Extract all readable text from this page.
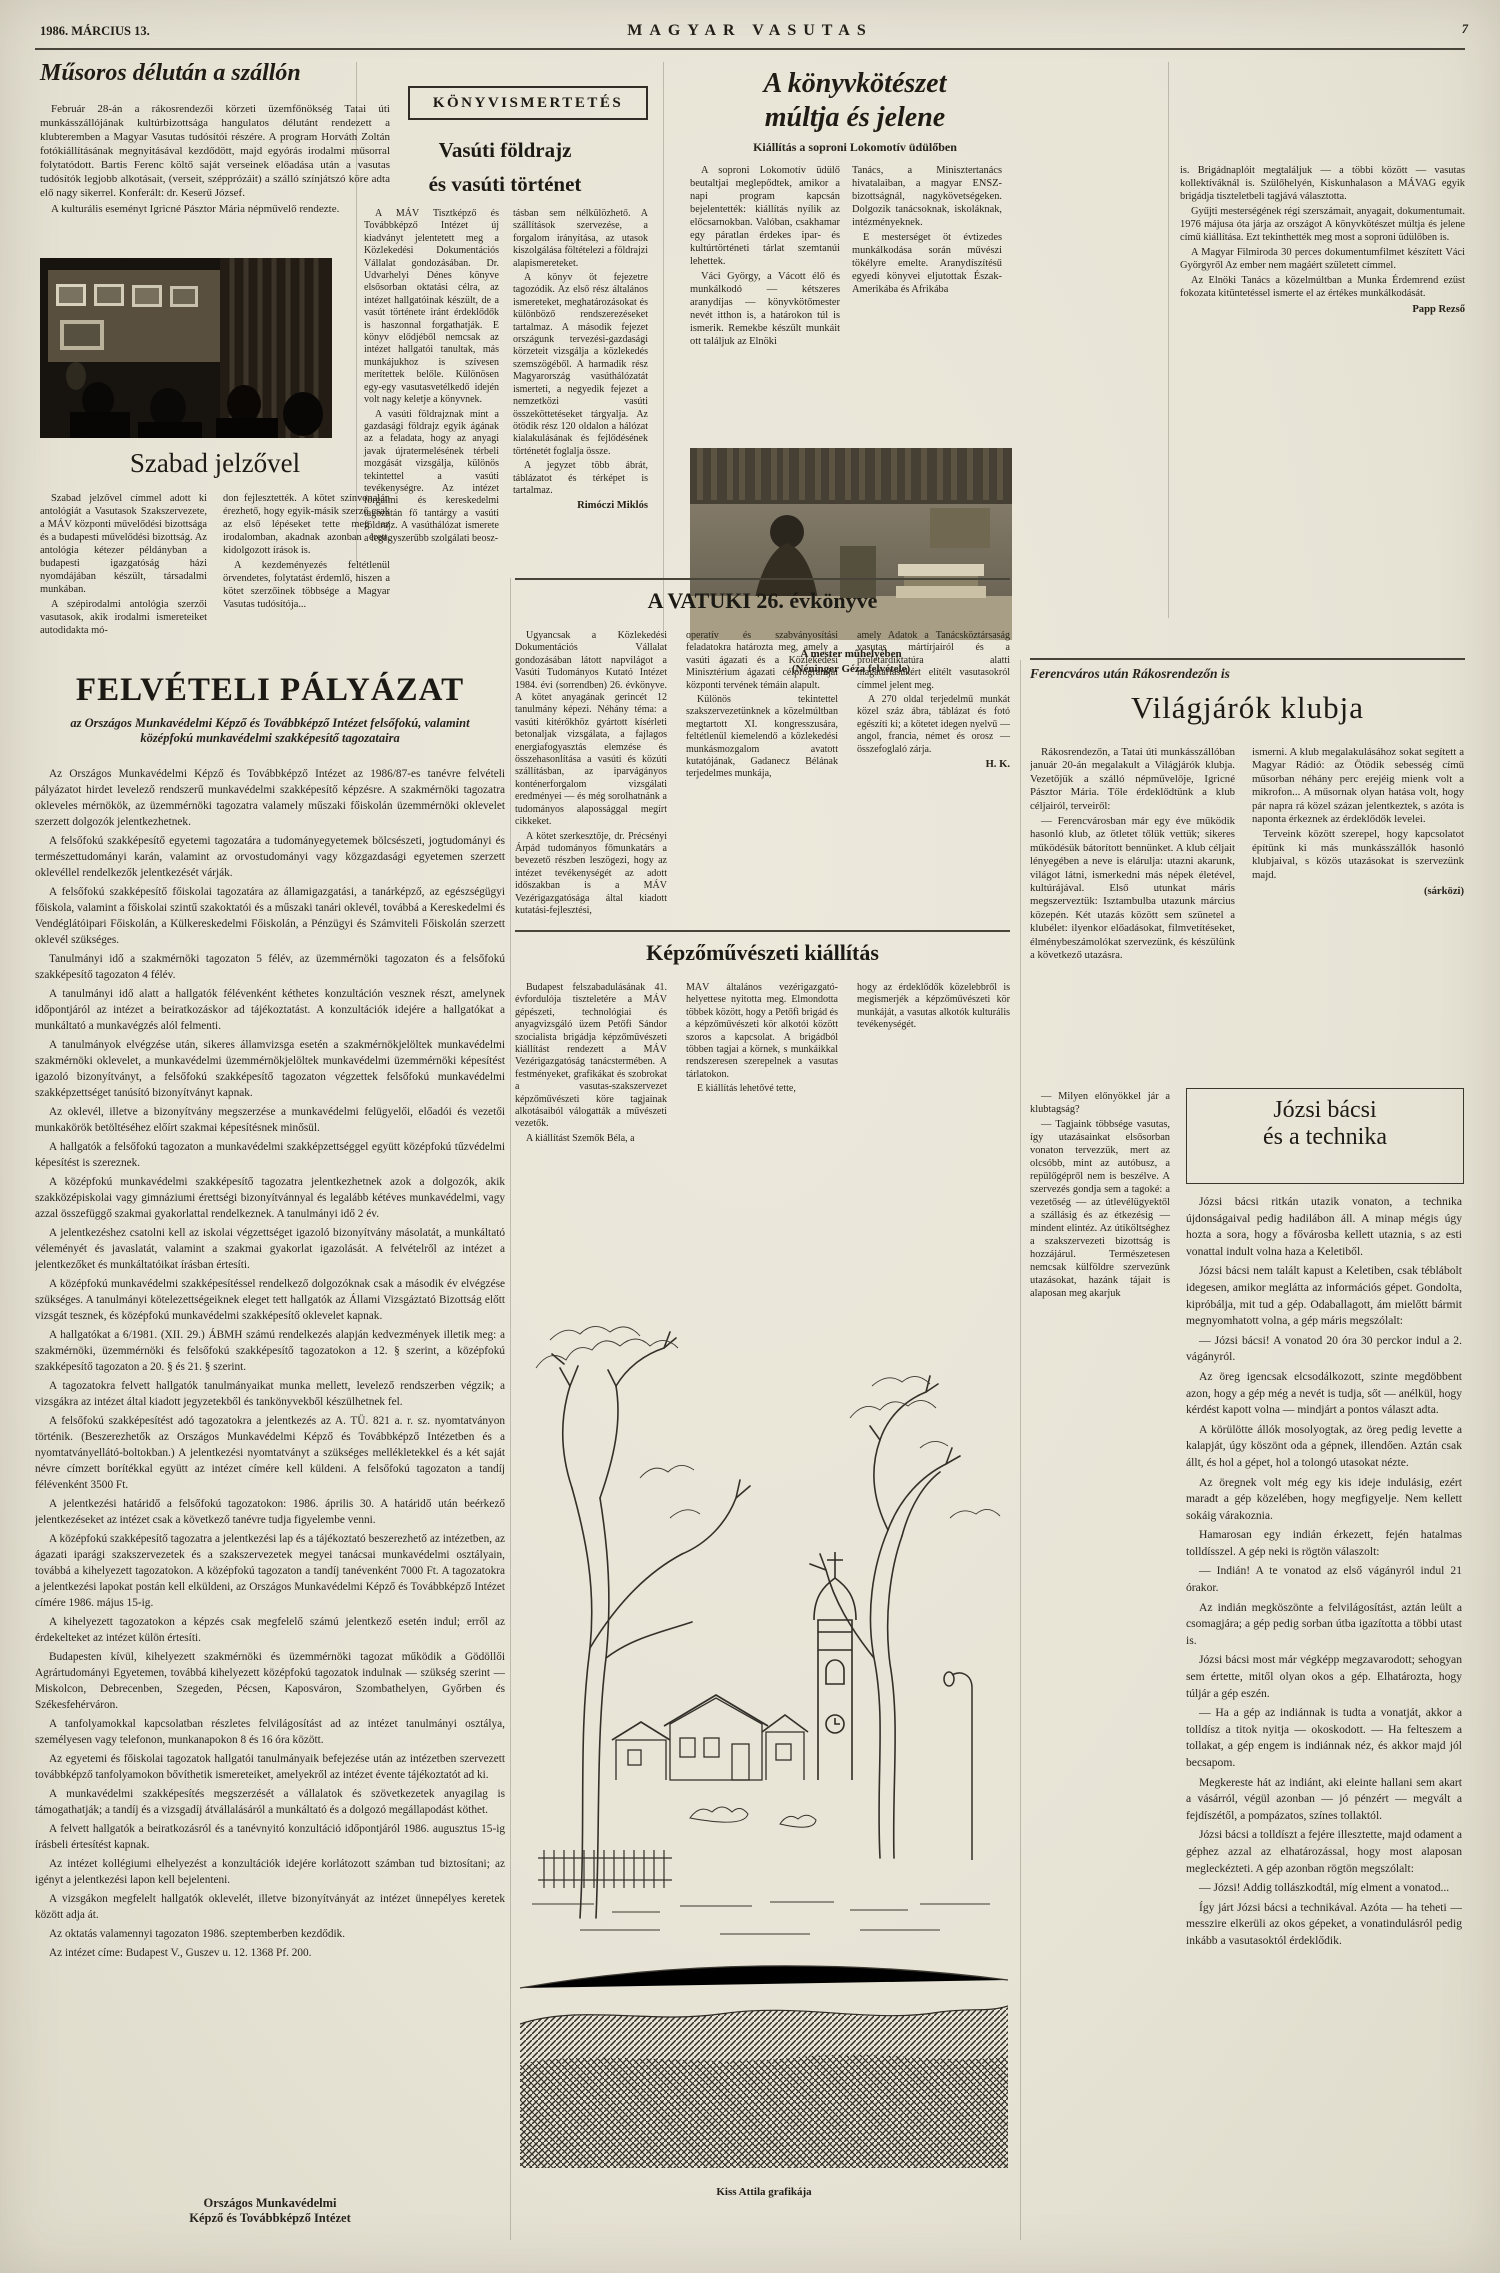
1986. MÁRCIUS 13.	MAGYAR VASUTAS	7
Műsoros délután a szállón

Február 28-án a rákosrendezői körzeti üzemfőnökség Tatai úti munkásszállójának kultúrbizottsága hangulatos délutánt rendezett a klubteremben a Magyar Vasutas tudósítói részére. A program Horváth Zoltán fotókiállításának megnyitásával kezdődött, majd egyórás irodalmi műsorral folytatódott. Bartis Ferenc költő saját verseinek előadása után a vasutas tudósítók legjobb alkotásait, (verseit, szépprózáit) a szálló színjátszó köre adta elő nagy sikerrel. Konferált: dr. Keserű József.

A kulturális eseményt Igricné Pásztor Mária népművelő rendezte.

Szabad jelzővel

Szabad jelzővel címmel adott ki antológiát a Vasutasok Szakszervezete, a MÁV központi művelődési bizottsága és a budapesti művelődési bizottság. Az antológia kétezer példányban a budapesti igazgatóság házi nyomdájában készült, társadalmi munkában.

A szépirodalmi antológia szerzői vasutasok, akik irodalmi ismereteiket autodidakta mó-

don fejlesztették. A kötet színvonalán érezhető, hogy egyik-másik szerző csak az első lépéseket tette meg az irodalomban, akadnak azonban érett, kidolgozott írások is.

A kezdeményezés feltétlenül örvendetes, folytatást érdemlő, hiszen a kötet szerzőinek többsége a Magyar Vasutas tudósítója...

FELVÉTELI PÁLYÁZAT
az Országos Munkavédelmi Képző és Továbbképző Intézet felsőfokú, valamint középfokú munkavédelmi szakképesítő tagozataira

Az Országos Munkavédelmi Képző és Továbbképző Intézet az 1986/87-es tanévre felvételi pályázatot hirdet levelező rendszerű munkavédelmi szakképesítő képzésre. A szakmérnöki tagozatra okleveles mérnökök, az üzemmérnöki tagozatra valamely műszaki főiskolán üzemmérnöki oklevelet szerzett dolgozók jelentkezhetnek.

A felsőfokú szakképesítő egyetemi tagozatára a tudományegyetemek bölcsészeti, jogtudományi és természettudományi karán, valamint az orvostudományi vagy közgazdasági egyetemen szerzett oklevéllel rendelkezők jelentkezését várják.

A felsőfokú szakképesítő főiskolai tagozatára az államigazgatási, a tanárképző, az egészségügyi főiskola, valamint a főiskolai szintű szakoktatói és a műszaki tanári oklevél, továbbá a Kereskedelmi és Vendéglátóipari Főiskolán, a Külkereskedelmi Főiskolán, a Pénzügyi és Számviteli Főiskolán szerzett oklevél szükséges.

Tanulmányi idő a szakmérnöki tagozaton 5 félév, az üzemmérnöki tagozaton és a felsőfokú szakképesítő tagozaton 4 félév.

A tanulmányi idő alatt a hallgatók félévenként kéthetes konzultáción vesznek részt, amelynek időpontjáról az intézet a beiratkozáskor ad tájékoztatást. A konzultációk idejére a hallgatókat a munkáltató a munkavégzés alól felmenti.

A tanulmányok elvégzése után, sikeres államvizsga esetén a szakmérnökjelöltek munkavédelmi szakmérnöki oklevelet, a munkavédelmi üzemmérnökjelöltek munkavédelmi üzemmérnöki képesítést igazoló bizonyítványt, a felsőfokú szakképesítő tagozaton végzettek felsőfokú munkavédelmi szakképzettséget tanúsító bizonyítványt kapnak.

Az oklevél, illetve a bizonyítvány megszerzése a munkavédelmi felügyelői, előadói és vezetői munkakörök betöltéséhez előírt szakmai képesítésnek minősül.

A hallgatók a felsőfokú tagozaton a munkavédelmi szakképzettséggel együtt középfokú tűzvédelmi képesítést is szereznek.

A középfokú munkavédelmi szakképesítő tagozatra jelentkezhetnek azok a dolgozók, akik szakközépiskolai vagy gimnáziumi érettségi bizonyítvánnyal és legalább kétéves munkavédelmi, vagy azzal összefüggő szakmai gyakorlattal rendelkeznek. A tanulmányi idő 2 év.

A jelentkezéshez csatolni kell az iskolai végzettséget igazoló bizonyítvány másolatát, a munkáltató véleményét és javaslatát, valamint a szakmai gyakorlat igazolását. A felvételről az intézet a jelentkezőket és munkáltatóikat írásban értesíti.

A középfokú munkavédelmi szakképesítéssel rendelkező dolgozóknak csak a második év elvégzése szükséges. A tanulmányi kötelezettségeiknek eleget tett hallgatók az Állami Vizsgáztató Bizottság előtt vizsgát tesznek, és középfokú munkavédelmi szakképesítő oklevelet kapnak.

A hallgatókat a 6/1981. (XII. 29.) ÁBMH számú rendelkezés alapján kedvezmények illetik meg: a szakmérnöki, üzemmérnöki és felsőfokú szakképesítő tagozatokon a 12. § szerint, a középfokú szakképesítő tagozaton a 20. § és 21. § szerint.

A tagozatokra felvett hallgatók tanulmányaikat munka mellett, levelező rendszerben végzik; a vizsgákra az intézet által kiadott jegyzetekből és tankönyvekből készülhetnek fel.

A felsőfokú szakképesítést adó tagozatokra a jelentkezés az A. TÜ. 821 a. r. sz. nyomtatványon történik. (Beszerezhetők az Országos Munkavédelmi Képző és Továbbképző Intézetben és a nyomtatványellátó-boltokban.) A jelentkezési nyomtatványt a szükséges mellékletekkel és a két saját névre címzett borítékkal együtt az intézet címére kell küldeni. A felsőfokú tagozaton a tandíj félévenként 3500 Ft.

A jelentkezési határidő a felsőfokú tagozatokon: 1986. április 30. A határidő után beérkező jelentkezéseket az intézet csak a következő tanévre tudja figyelembe venni.

A középfokú szakképesítő tagozatra a jelentkezési lap és a tájékoztató beszerezhető az intézetben, az ágazati iparági szakszervezetek és a szakszervezetek megyei tanácsai munkavédelmi osztályain, továbbá a kihelyezett tagozatokon. A középfokú tagozaton a tandíj tanévenként 7000 Ft. A tagozatokra a jelentkezési lapokat postán kell elküldeni, az Országos Munkavédelmi Képző és Továbbképző Intézet címére 1986. május 15-ig.

A kihelyezett tagozatokon a képzés csak megfelelő számú jelentkező esetén indul; erről az érdekelteket az intézet külön értesíti.

Budapesten kívül, kihelyezett szakmérnöki és üzemmérnöki tagozat működik a Gödöllői Agrártudományi Egyetemen, továbbá kihelyezett középfokú tagozatok indulnak — szükség szerint — Miskolcon, Debrecenben, Szegeden, Pécsen, Kaposváron, Szombathelyen, Győrben és Székesfehérváron.

A tanfolyamokkal kapcsolatban részletes felvilágosítást ad az intézet tanulmányi osztálya, személyesen vagy telefonon, munkanapokon 8 és 16 óra között.

Az egyetemi és főiskolai tagozatok hallgatói tanulmányaik befejezése után az intézetben szervezett továbbképző tanfolyamokon bővíthetik ismereteiket, amelyekről az intézet évente tájékoztatót ad ki.

A munkavédelmi szakképesítés megszerzését a vállalatok és szövetkezetek anyagilag is támogathatják; a tandíj és a vizsgadíj átvállalásáról a munkáltató és a dolgozó megállapodást köthet.

A felvett hallgatók a beiratkozásról és a tanévnyitó konzultáció időpontjáról 1986. augusztus 15-ig írásbeli értesítést kapnak.

Az intézet kollégiumi elhelyezést a konzultációk idejére korlátozott számban tud biztosítani; az igényt a jelentkezési lapon kell bejelenteni.

A vizsgákon megfelelt hallgatók oklevelét, illetve bizonyítványát az intézet ünnepélyes keretek között adja át.

Az oktatás valamennyi tagozaton 1986. szeptemberben kezdődik.

Az intézet címe: Budapest V., Guszev u. 12. 1368 Pf. 200.

Országos Munkavédelmi
Képző és Továbbképző Intézet
KÖNYVISMERTETÉS
Vasúti földrajz
és vasúti történet

A MÁV Tisztképző és Továbbképző Intézet új kiadványt jelentetett meg a Közlekedési Dokumentációs Vállalat gondozásában. Dr. Udvarhelyi Dénes könyve elsősorban oktatási célra, az intézet hallgatóinak készült, de a vasút története iránt érdeklődők is haszonnal forgathatják. E könyv elődjéből nemcsak az intézet hallgatói tanultak, más munkájukhoz is szívesen merítettek belőle. Különösen egy-egy vasutasvetélkedő idején volt nagy keletje a könyvnek.

A vasúti földrajznak mint a gazdasági földrajz egyik ágának az a feladata, hogy az anyagi javak újratermelésének térbeli mozgását vizsgálja, különös tekintettel a vasúti tevékenységre. Az intézet forgalmi és kereskedelmi tagozatán fő tantárgy a vasúti földrajz. A vasúthálózat ismerete a legegyszerűbb szolgálati beosz-

tásban sem nélkülözhető. A szállítások szervezése, a forgalom irányítása, az utasok kiszolgálása föltételezi a földrajzi alapismereteket.

A könyv öt fejezetre tagozódik. Az első rész általános ismereteket, meghatározásokat és különböző rendszerezéseket tartalmaz. A második fejezet országunk tervezési-gazdasági körzeteit vizsgálja a közlekedés szemszögéből. A harmadik rész Magyarország vasúthálózatát ismerteti, a negyedik fejezet a nemzetközi vasúti összeköttetéseket tárgyalja. Az ötödik rész 120 oldalon a hálózat kialakulásának és fejlődésének történetét foglalja össze.

A jegyzet több ábrát, táblázatot és térképet is tartalmaz.

Rimóczi Miklós
A könyvkötészet
múltja és jelene
Kiállítás a soproni Lokomotív üdülőben

A soproni Lokomotív üdülő beutaltjai meglepődtek, amikor a napi program kapcsán bejelentették: kiállítás nyílik az előcsarnokban. Valóban, csakhamar egy páratlan érdekes ipar- és kultúrtörténeti tárlat szemtanúi lehettek.

Váci György, a Vácott élő és munkálkodó — kétszeres aranydíjas — könyvkötőmester nevét itthon is, a határokon túl is ismerik. Remekbe készült munkáit ott találjuk az Elnöki

Tanács, a Minisztertanács hivatalaiban, a magyar ENSZ-bizottságnál, nagykövetségeken. Dolgozik tanácsoknak, iskoláknak, intézményeknek.

E mesterséget öt évtizedes munkálkodása során művészi tökélyre emelte. Aranydíszítésű egyedi könyvei eljutottak Észak-Amerikába és Afrikába

is. Brigádnaplóit megtaláljuk — a többi között — vasutas kollektíváknál is. Szülőhelyén, Kiskunhalason a MÁVAG egyik brigádja tiszteletbeli tagjává választotta.

Gyűjti mesterségének régi szerszámait, anyagait, dokumentumait. 1976 májusa óta járja az országot A könyvkötészet múltja és jelene című kiállítása. Ezt tekinthették meg most a soproni üdülőben is.

A Magyar Filmiroda 30 perces dokumentumfilmet készített Váci Györgyről Az ember nem magáért született címmel.

Az Elnöki Tanács a közelmúltban a Munka Érdemrend ezüst fokozata kitüntetéssel ismerte el az értékes munkálkodását.

Papp Rezső
A mester műhelyében
(Néninger Géza felvétele)
A VATUKI 26. évkönyve

Ugyancsak a Közlekedési Dokumentációs Vállalat gondozásában látott napvilágot a Vasúti Tudományos Kutató Intézet 1984. évi (sorrendben) 26. évkönyve. A kötet anyagának gerincét 12 tanulmány képezi. Néhány téma: a vasúti kitérőkhöz gyártott kísérleti betonaljak vizsgálata, a fajlagos energiafogyasztás elemzése és összehasonlítása a vasúti és közúti szállításban, az iparvágányos konténerforgalom vizsgálati eredményei — és még sorolhatnánk a tudományos alapossággal megírt cikkeket.

A kötet szerkesztője, dr. Précsényi Árpád tudományos főmunkatárs a bevezető részben leszögezi, hogy az intézet tevékenységét az adott időszakban is a MÁV Vezérigazgatósága által kiadott kutatási-fejlesztési,

operatív és szabványosítási feladatokra határozta meg, amely a vasúti ágazati és a Közlekedési Minisztérium ágazati célprogramjai központi tervének témáin alapult.

Különös tekintettel szakszervezetünknek a közelmúltban megtartott XI. kongresszusára, feltétlenül kiemelendő a közlekedési munkásmozgalom avatott kutatójának, Gadanecz Bélának terjedelmes munkája,

amely Adatok a Tanácsköztársaság vasutas mártírjairól és a proletárdiktatúra alatti magatartásukért elítélt vasutasokról címmel jelent meg.

A 270 oldal terjedelmű munkát közel száz ábra, táblázat és fotó egészíti ki; a kötetet idegen nyelvű — angol, francia, német és orosz — összefoglaló zárja.

H. K.
Képzőművészeti kiállítás

Budapest felszabadulásának 41. évfordulója tiszteletére a MÁV gépészeti, technológiai és anyagvizsgáló üzem Petőfi Sándor szocialista brigádja képzőművészeti kiállítást rendezett a MÁV Vezérigazgatóság tanácstermében. A festményeket, grafikákat és szobrokat a vasutas-szakszervezet képzőművészeti köre tagjainak alkotásaiból válogatták a művészeti vezetők.

A kiállítást Szemők Béla, a

MÁV általános vezérigazgató-helyettese nyitotta meg. Elmondotta többek között, hogy a Petőfi brigád és a képzőművészeti kör alkotói között szoros a kapcsolat. A brigádból többen tagjai a körnek, s munkáikkal rendszeresen szerepelnek a vasutas tárlatokon.

E kiállítás lehetővé tette,

hogy az érdeklődők közelebbről is megismerjék a képzőművészeti kör munkáját, a vasutas alkotók kulturális tevékenységét.

Kiss Attila grafikája
Ferencváros után Rákosrendezőn is
Világjárók klubja

Rákosrendezőn, a Tatai úti munkásszállóban január 20-án megalakult a Világjárók klubja. Vezetőjük a szálló népművelője, Igricné Pásztor Mária. Tőle érdeklődtünk a klub céljairól, terveiről:

— Ferencvárosban már egy éve működik hasonló klub, az ötletet tőlük vettük; sikeres működésük bátorított bennünket. A klub céljait lényegében a neve is elárulja: utazni akarunk, világot látni, ismerkedni más népek életével, kultúrájával. Első utunkat máris megszerveztük: Isztambulba utazunk március közepén. Két utazás között sem szünetel a klubélet: ilyenkor előadásokat, filmvetítéseket, élménybeszámolókat szervezünk, és készülünk a következő utazásra.

ismerni. A klub megalakulásához sokat segített a Magyar Rádió: az Ötödik sebesség című műsorban néhány perc erejéig mienk volt a mikrofon... A műsornak olyan hatása volt, hogy pár napra rá közel százan jelentkeztek, s azóta is naponta érkeznek az érdeklődők levelei.

Terveink között szerepel, hogy kapcsolatot építünk ki más munkásszállók hasonló klubjaival, s közös utazásokat is szervezünk majd.

(sárközi)

— Milyen előnyökkel jár a klubtagság?

— Tagjaink többsége vasutas, így utazásainkat elsősorban vonaton tervezzük, mert az olcsóbb, mint az autóbusz, a repülőgépről nem is beszélve. A szervezés gondja sem a tagoké: a vezetőség — az útlevélügyektől a szállásig és az étkezésig — mindent elintéz. Az útiköltséghez a szakszervezeti bizottság is hozzájárul. Természetesen nemcsak külföldre szervezünk utazásokat, hazánk tájait is alaposan meg akarjuk

Józsi bácsi
és a technika

Józsi bácsi ritkán utazik vonaton, a technika újdonságaival pedig hadilábon áll. A minap mégis úgy hozta a sora, hogy a fővárosba kellett utaznia, s az esti vonattal indult volna haza a Keletiből.

Józsi bácsi nem talált kapust a Keletiben, csak téblábolt idegesen, amikor meglátta az információs gépet. Gondolta, kipróbálja, mit tud a gép. Odaballagott, ám mielőtt bármit megnyomhatott volna, a gép máris megszólalt:

— Józsi bácsi! A vonatod 20 óra 30 perckor indul a 2. vágányról.

Az öreg igencsak elcsodálkozott, szinte megdöbbent azon, hogy a gép még a nevét is tudja, sőt — anélkül, hogy kérdést kapott volna — mindjárt a pontos választ adta.

A körülötte állók mosolyogtak, az öreg pedig levette a kalapját, úgy köszönt oda a gépnek, illendően. Aztán csak állt, és hol a gépet, hol a tolongó utasokat nézte.

Az öregnek volt még egy kis ideje indulásig, ezért maradt a gép közelében, hogy megfigyelje. Nem kellett sokáig várakoznia.

Hamarosan egy indián érkezett, fején hatalmas tolldísszel. A gép neki is rögtön válaszolt:

— Indián! A te vonatod az első vágányról indul 21 órakor.

Az indián megköszönte a felvilágosítást, aztán leült a csomagjára; a gép pedig sorban útba igazította a többi utast is.

Józsi bácsi most már végképp megzavarodott; sehogyan sem értette, mitől olyan okos a gép. Elhatározta, hogy túljár a gép eszén.

— Ha a gép az indiánnak is tudta a vonatját, akkor a tolldísz a titok nyitja — okoskodott. — Ha felteszem a tollakat, a gép engem is indiánnak néz, és akkor majd jól becsapom.

Megkereste hát az indiánt, aki eleinte hallani sem akart a vásárról, végül azonban — jó pénzért — megvált a fejdíszétől, a pompázatos, színes tollaktól.

Józsi bácsi a tolldíszt a fejére illesztette, majd odament a géphez azzal az elhatározással, hogy most alaposan megleckézteti. A gép azonban rögtön megszólalt:

— Józsi! Addig tollászkodtál, míg elment a vonatod...

Így járt Józsi bácsi a technikával. Azóta — ha teheti — messzire elkerüli az okos gépeket, a vonatindulásról pedig inkább a vasutasoktól érdeklődik.
